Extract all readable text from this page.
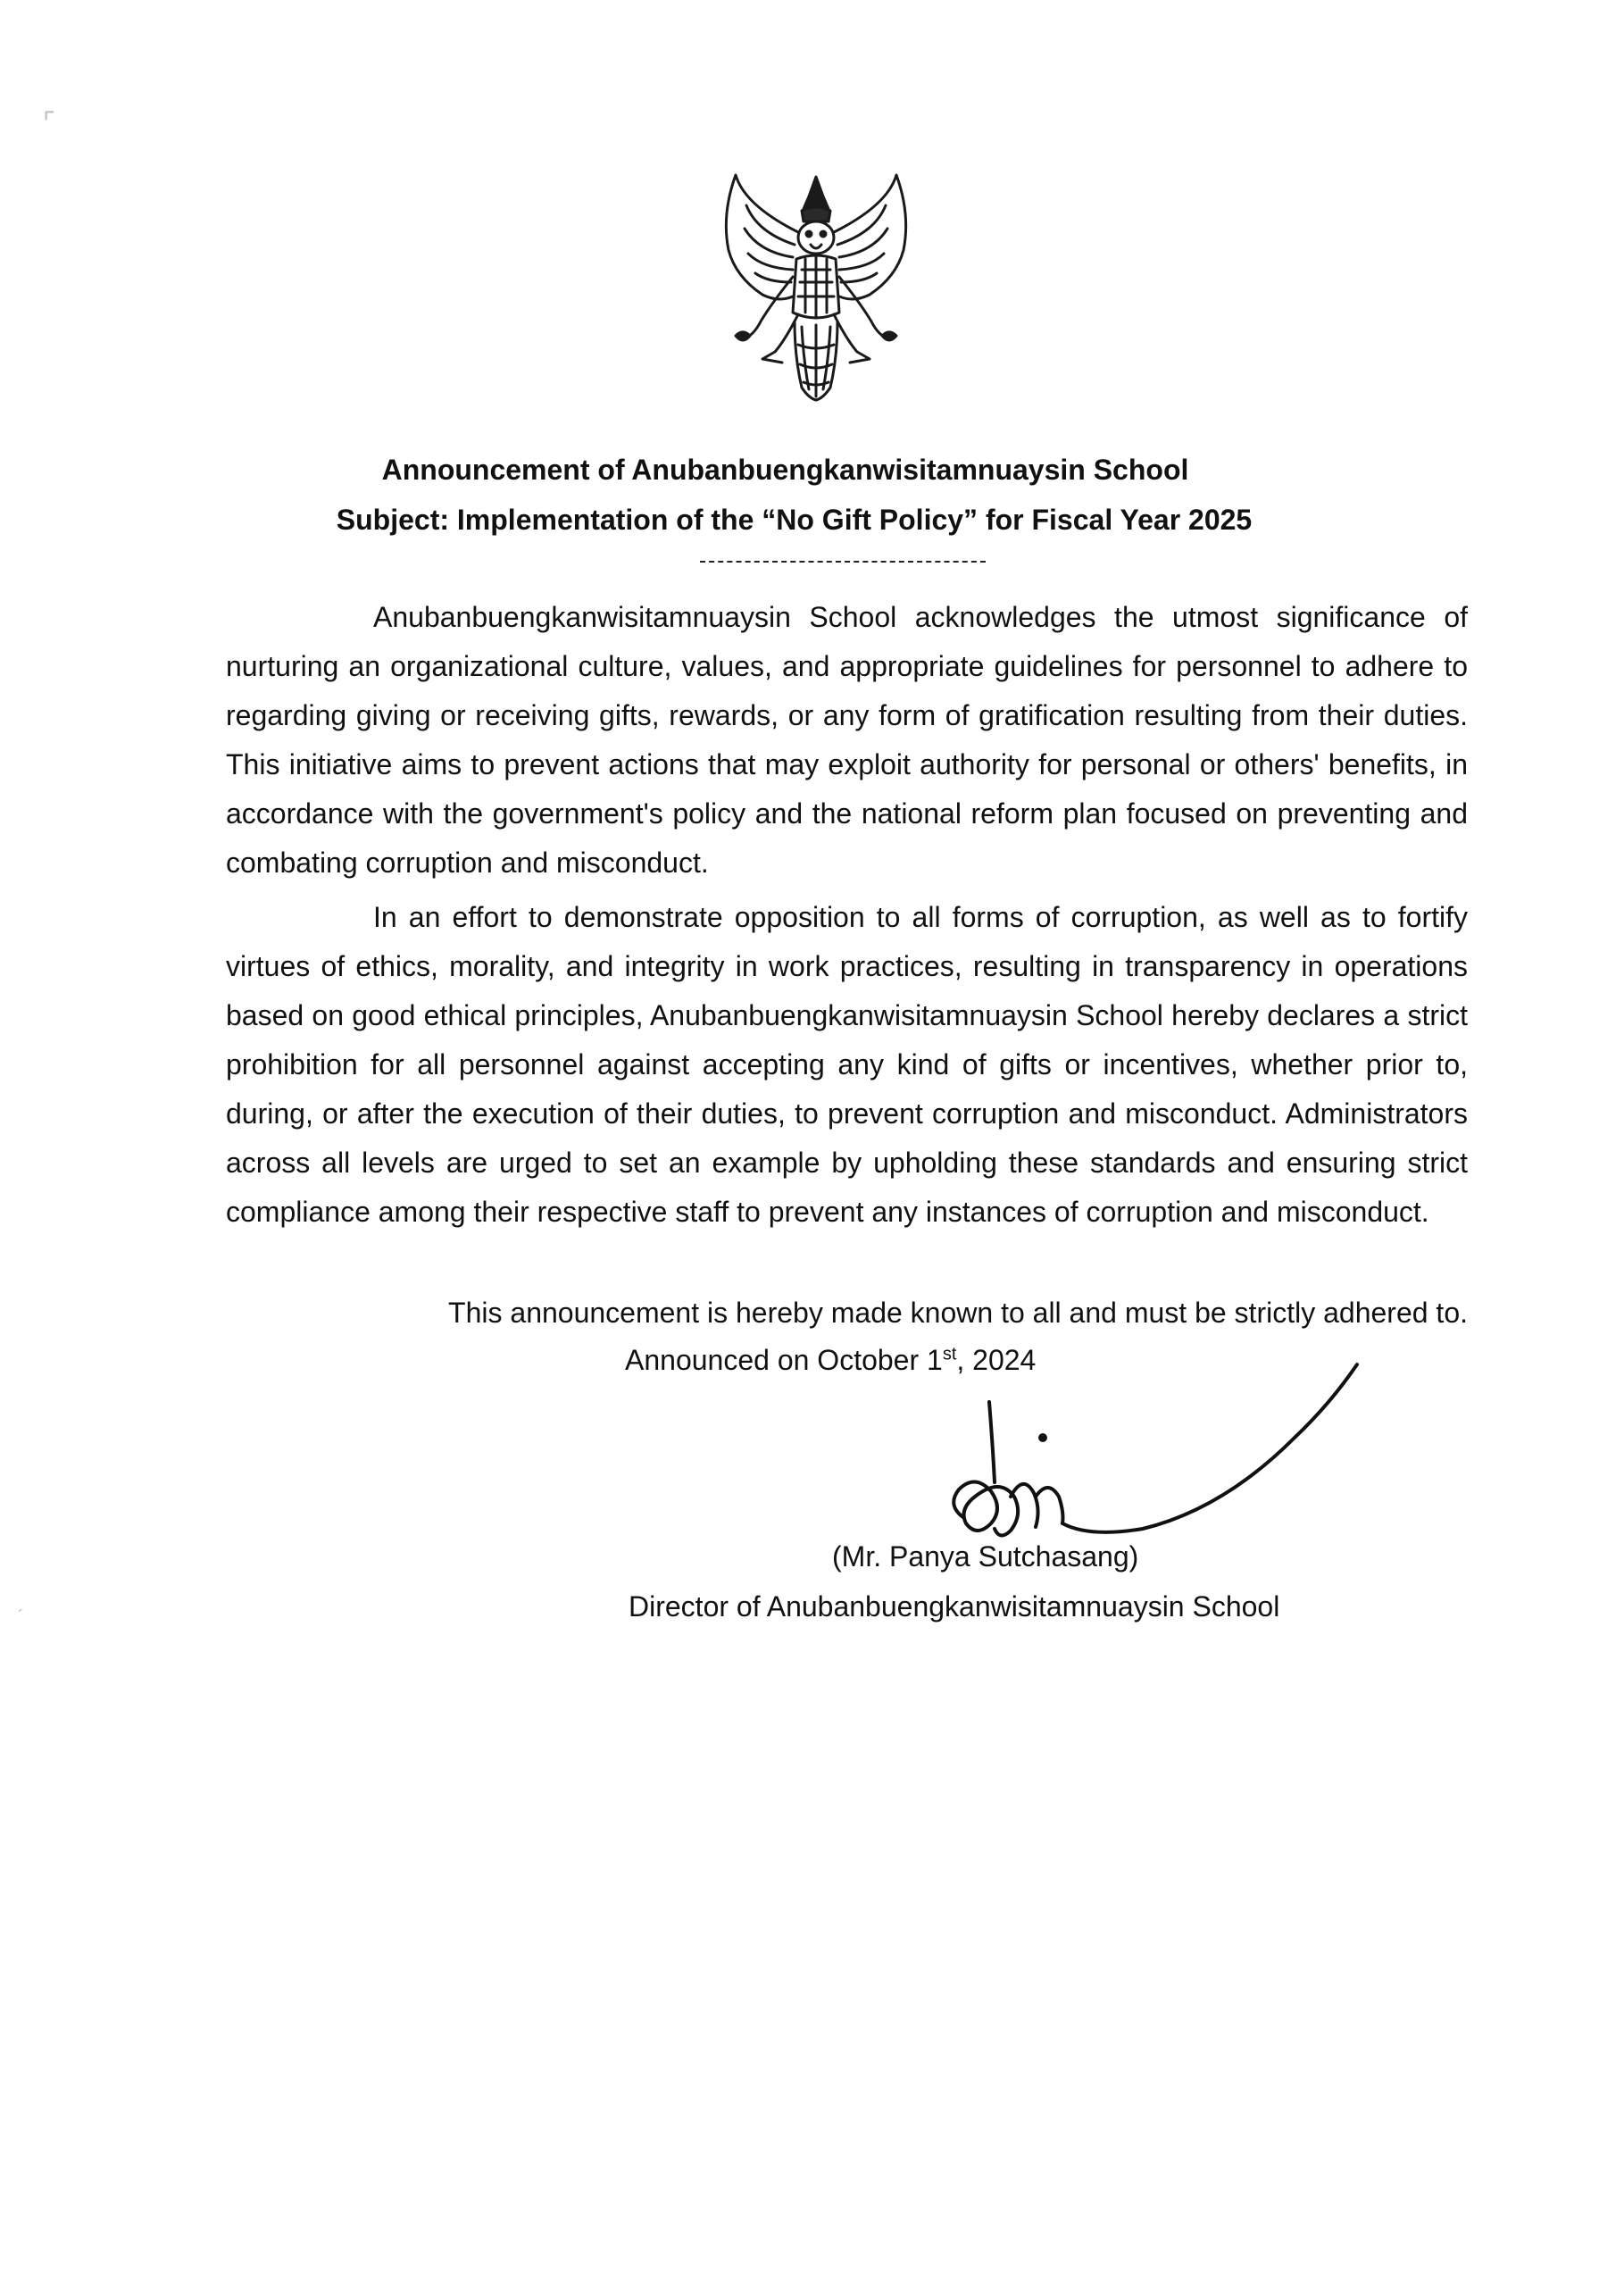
⌜
Announcement of Anubanbuengkanwisitamnuaysin School
Subject: Implementation of the “No Gift Policy” for Fiscal Year 2025

Anubanbuengkanwisitamnuaysin School acknowledges the utmost significance of nurturing an organizational culture, values, and appropriate guidelines for personnel to adhere to regarding giving or receiving gifts, rewards, or any form of gratification resulting from their duties. This initiative aims to prevent actions that may exploit authority for personal or others' benefits, in accordance with the government's policy and the national reform plan focused on preventing and combating corruption and misconduct.

In an effort to demonstrate opposition to all forms of corruption, as well as to fortify virtues of ethics, morality, and integrity in work practices, resulting in transparency in operations based on good ethical principles, Anubanbuengkanwisitamnuaysin School hereby declares a strict prohibition for all personnel against accepting any kind of gifts or incentives, whether prior to, during, or after the execution of their duties, to prevent corruption and misconduct. Administrators across all levels are urged to set an example by upholding these standards and ensuring strict compliance among their respective staff to prevent any instances of corruption and misconduct.

This announcement is hereby made known to all and must be strictly adhered to.

Announced on October 1st, 2024
(Mr. Panya Sutchasang)
Director of Anubanbuengkanwisitamnuaysin School
´
